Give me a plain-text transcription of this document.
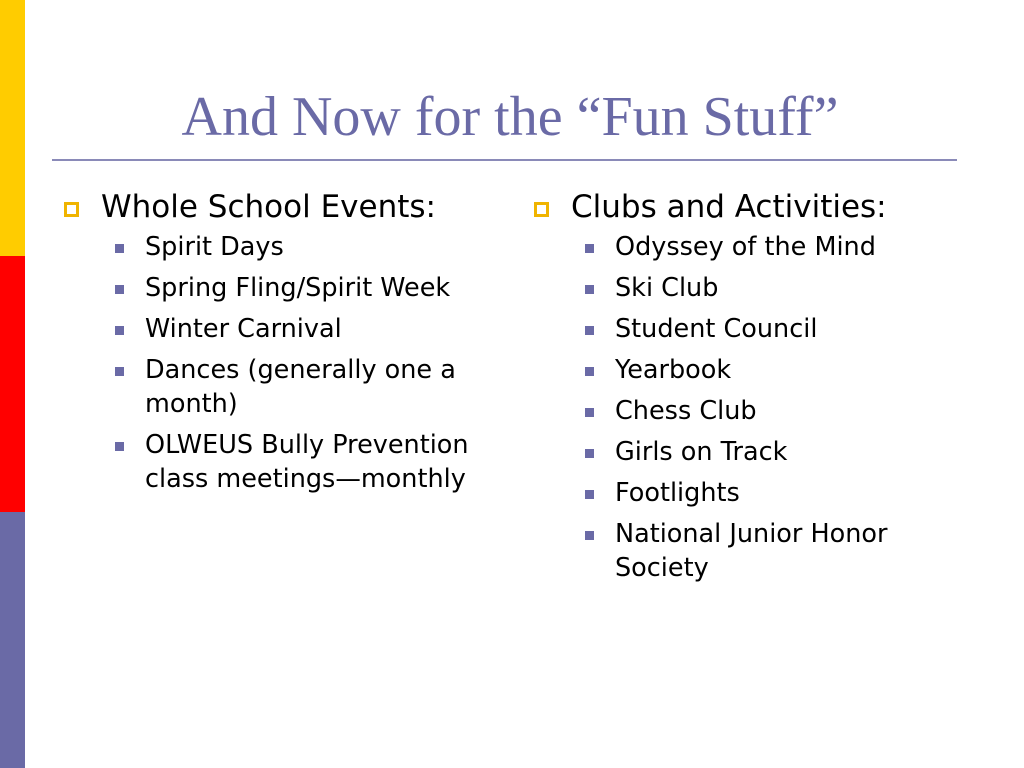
And Now for the “Fun Stuff”
Whole School Events:
Spirit Days
Spring Fling/Spirit Week
Winter Carnival
Dances (generally one a month)
OLWEUS Bully Prevention class meetings—monthly
Clubs and Activities:
Odyssey of the Mind
Ski Club
Student Council
Yearbook
Chess Club
Girls on Track
Footlights
National Junior Honor Society
